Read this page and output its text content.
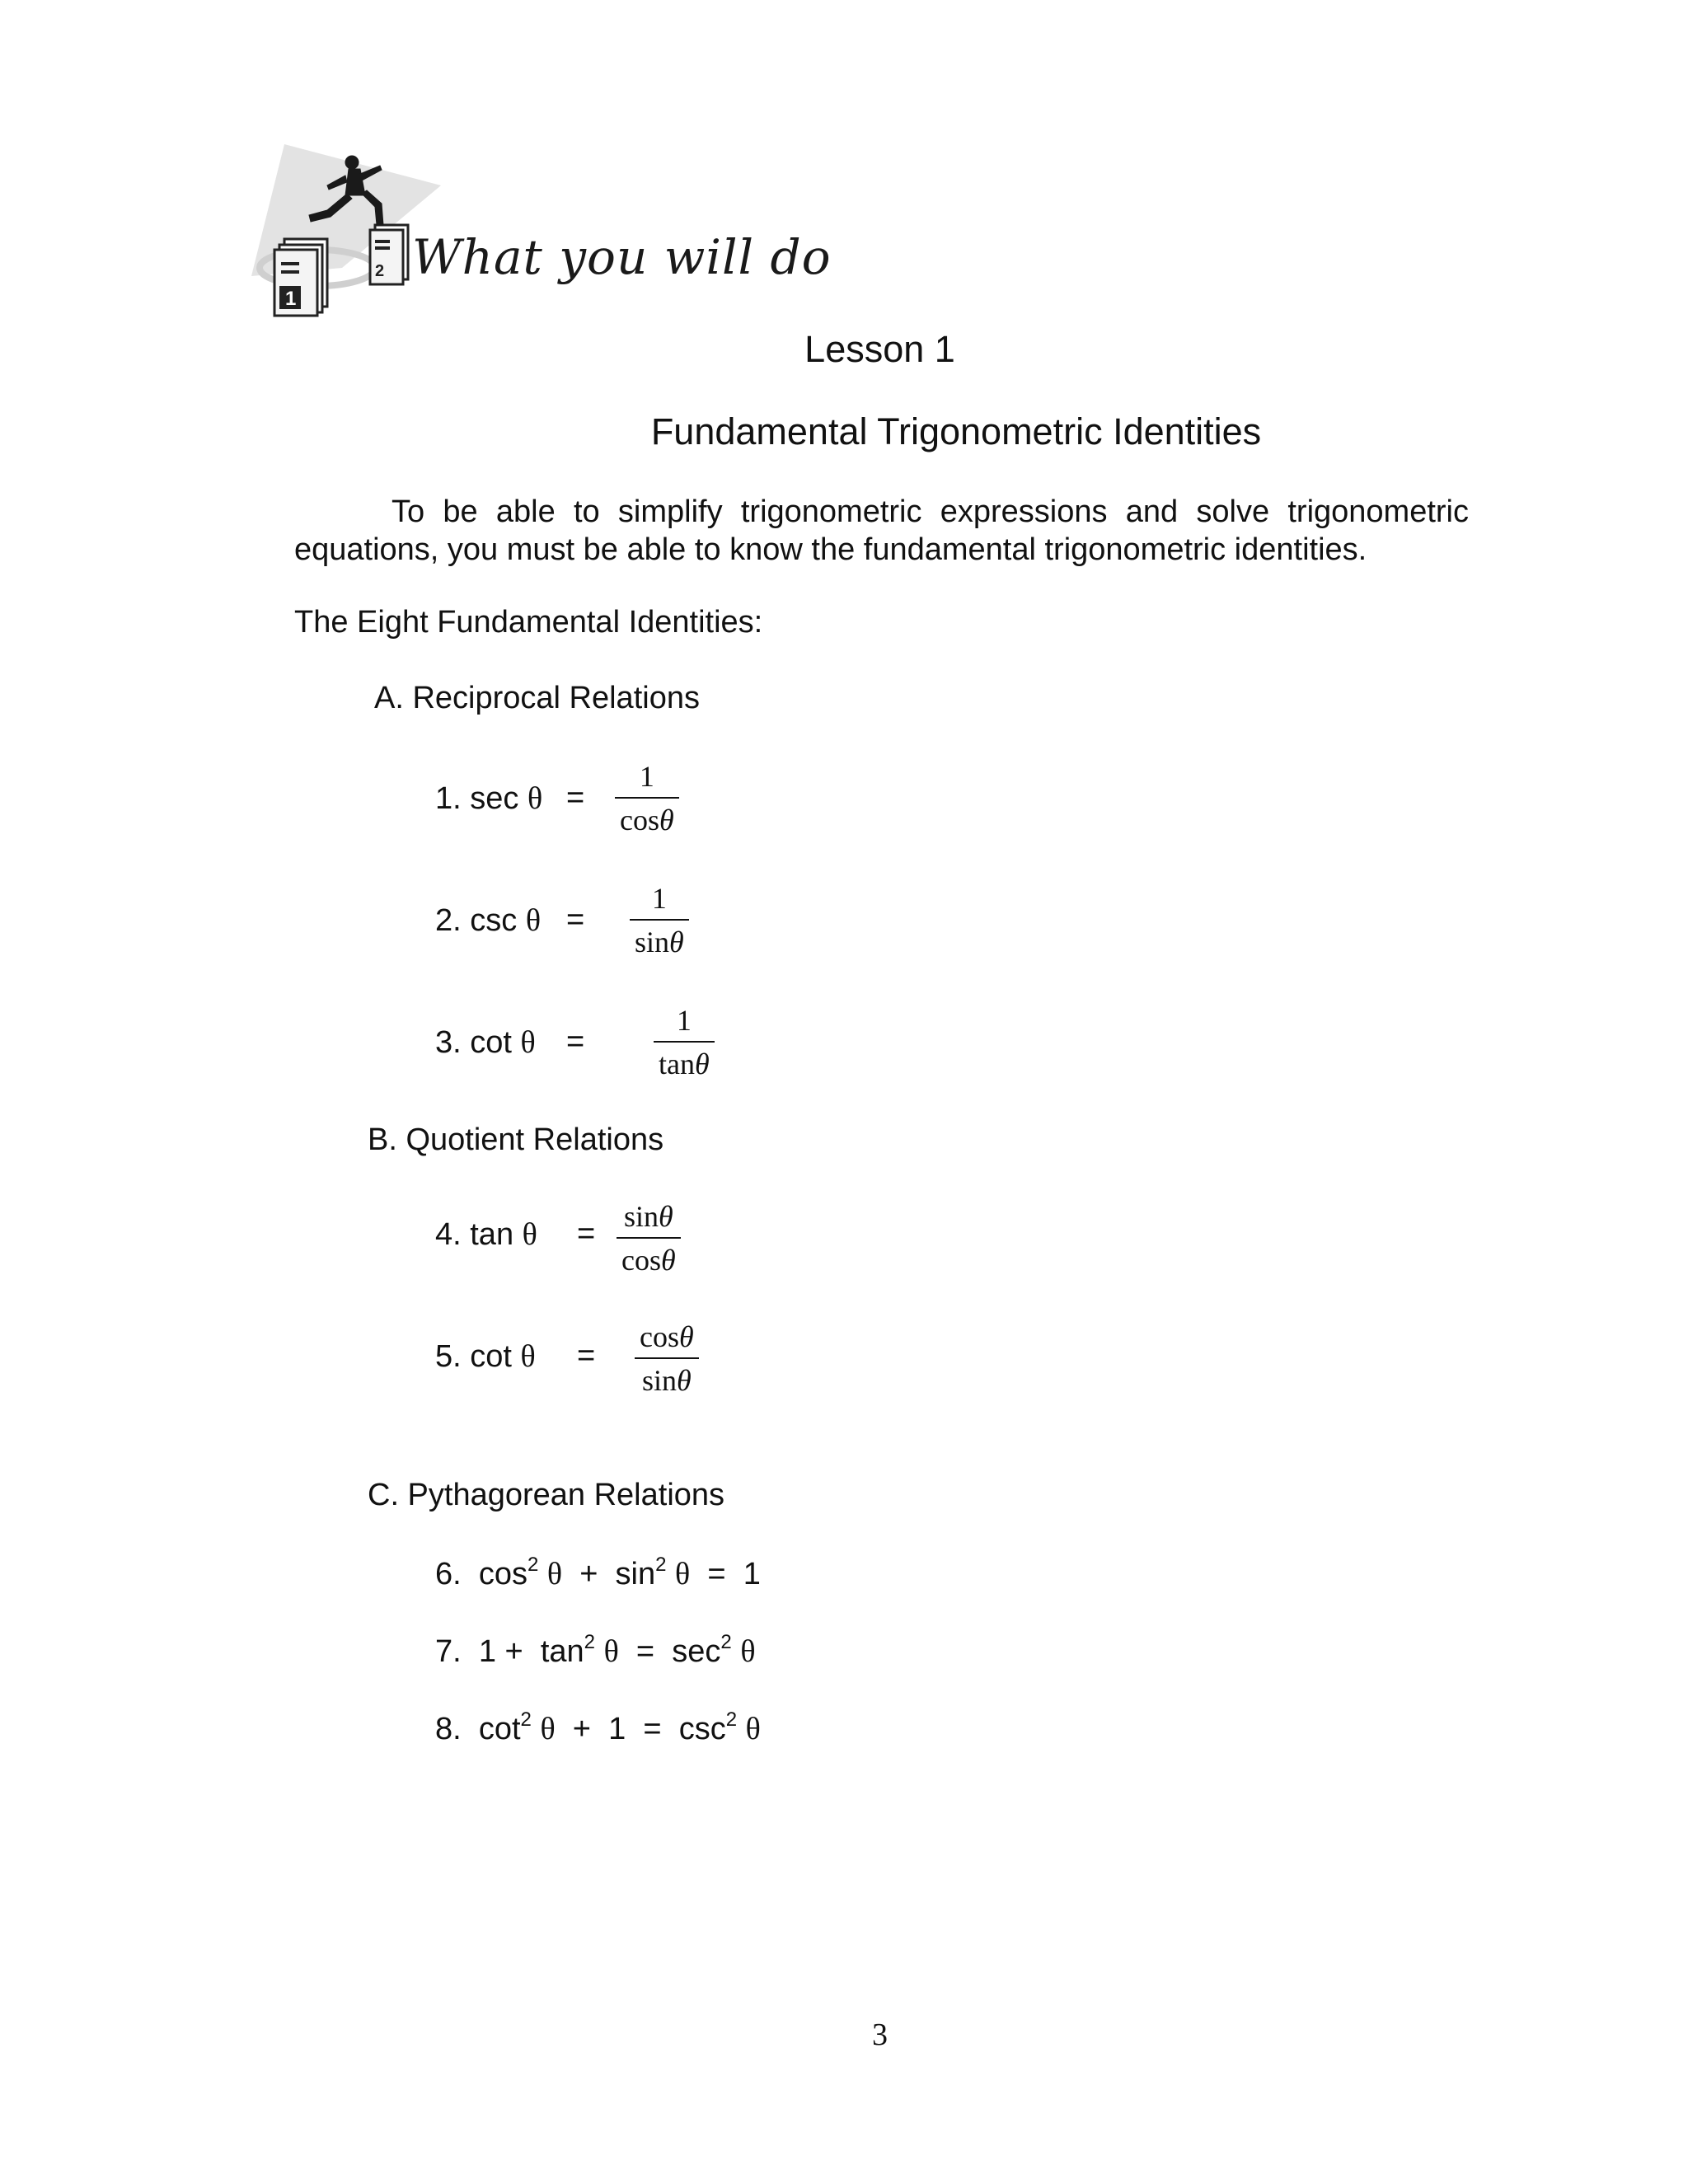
1
2 What you will do
Lesson 1
Fundamental Trigonometric Identities
To be able to simplify trigonometric expressions and solve trigonometric equations, you must be able to know the fundamental trigonometric identities.
The Eight Fundamental Identities:
A. Reciprocal Relations
1. sec θ =
1
cosθ
2. csc θ =
1
sinθ
3. cot θ =
1
tanθ
B. Quotient Relations
4. tan θ = sinθ
cosθ
5. cot θ =
cosθ
sinθ
C. Pythagorean Relations
6. $\cos^2 \theta + \sin^2 \theta = 1$
7. $1 + \tan^2 \theta = \sec^2 \theta$
8. $\cot^2 \theta + 1 = \csc^2 \theta$
3
